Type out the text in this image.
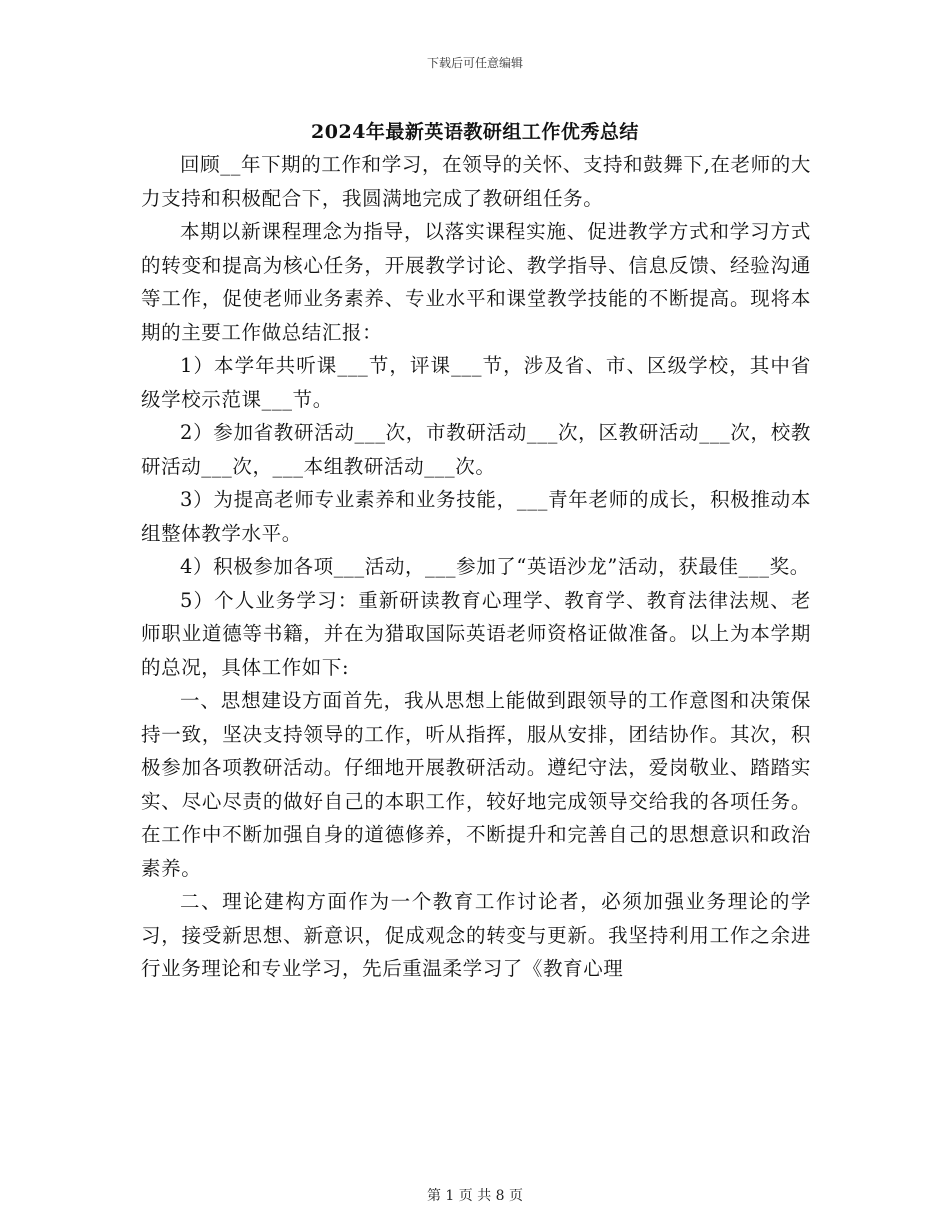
下载后可任意编辑
2024年最新英语教研组工作优秀总结

回顾__年下期的工作和学习，在领导的关怀、支持和鼓舞下,在老师的大力支持和积极配合下，我圆满地完成了教研组任务。

本期以新课程理念为指导，以落实课程实施、促进教学方式和学习方式的转变和提高为核心任务，开展教学讨论、教学指导、信息反馈、经验沟通等工作，促使老师业务素养、专业水平和课堂教学技能的不断提高。现将本期的主要工作做总结汇报：

1）本学年共听课___节，评课___节，涉及省、市、区级学校，其中省级学校示范课___节。

2）参加省教研活动___次，市教研活动___次，区教研活动___次，校教研活动___次，___本组教研活动___次。

3）为提高老师专业素养和业务技能，___青年老师的成长，积极推动本组整体教学水平。

4）积极参加各项___活动，___参加了“英语沙龙”活动，获最佳___奖。

5）个人业务学习：重新研读教育心理学、教育学、教育法律法规、老师职业道德等书籍，并在为猎取国际英语老师资格证做准备。以上为本学期的总况，具体工作如下:

一、思想建设方面首先，我从思想上能做到跟领导的工作意图和决策保持一致，坚决支持领导的工作，听从指挥，服从安排，团结协作。其次，积极参加各项教研活动。仔细地开展教研活动。遵纪守法，爱岗敬业、踏踏实实、尽心尽责的做好自己的本职工作，较好地完成领导交给我的各项任务。在工作中不断加强自身的道德修养，不断提升和完善自己的思想意识和政治素养。

二、理论建构方面作为一个教育工作讨论者，必须加强业务理论的学习，接受新思想、新意识，促成观念的转变与更新。我坚持利用工作之余进行业务理论和专业学习，先后重温柔学习了《教育心理

第 1 页 共 8 页
